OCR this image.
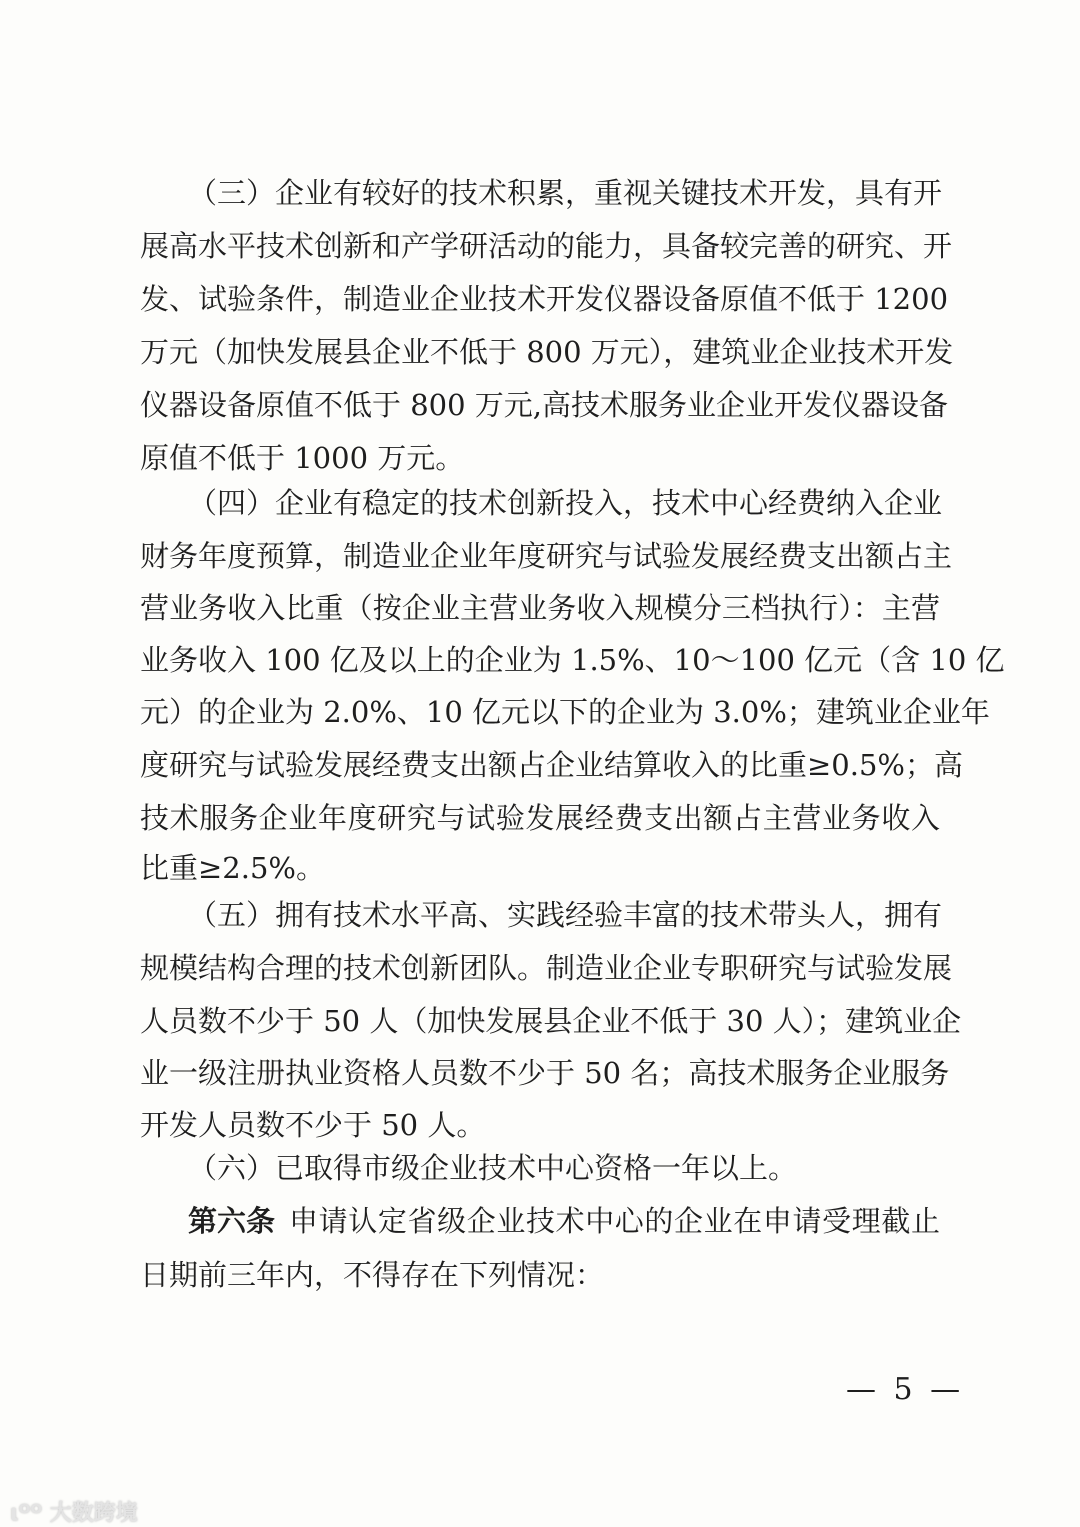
（三）企业有较好的技术积累，重视关键技术开发，具有开
展高水平技术创新和产学研活动的能力，具备较完善的研究、开
发、试验条件，制造业企业技术开发仪器设备原值不低于 1200
万元（加快发展县企业不低于 800 万元），建筑业企业技术开发
仪器设备原值不低于 800 万元,高技术服务业企业开发仪器设备
原值不低于 1000 万元。
（四）企业有稳定的技术创新投入，技术中心经费纳入企业
财务年度预算，制造业企业年度研究与试验发展经费支出额占主
营业务收入比重（按企业主营业务收入规模分三档执行）：主营
业务收入 100 亿及以上的企业为 1.5%、10～100 亿元（含 10 亿
元）的企业为 2.0%、10 亿元以下的企业为 3.0%；建筑业企业年
度研究与试验发展经费支出额占企业结算收入的比重≥0.5%；高
技术服务企业年度研究与试验发展经费支出额占主营业务收入
比重≥2.5%。
（五）拥有技术水平高、实践经验丰富的技术带头人，拥有
规模结构合理的技术创新团队。制造业企业专职研究与试验发展
人员数不少于 50 人（加快发展县企业不低于 30 人）；建筑业企
业一级注册执业资格人员数不少于 50 名；高技术服务企业服务
开发人员数不少于 50 人。
（六）已取得市级企业技术中心资格一年以上。
第六条 申请认定省级企业技术中心的企业在申请受理截止
日期前三年内，不得存在下列情况：
— 5 —
ιᴼᴼ 大数跨境
